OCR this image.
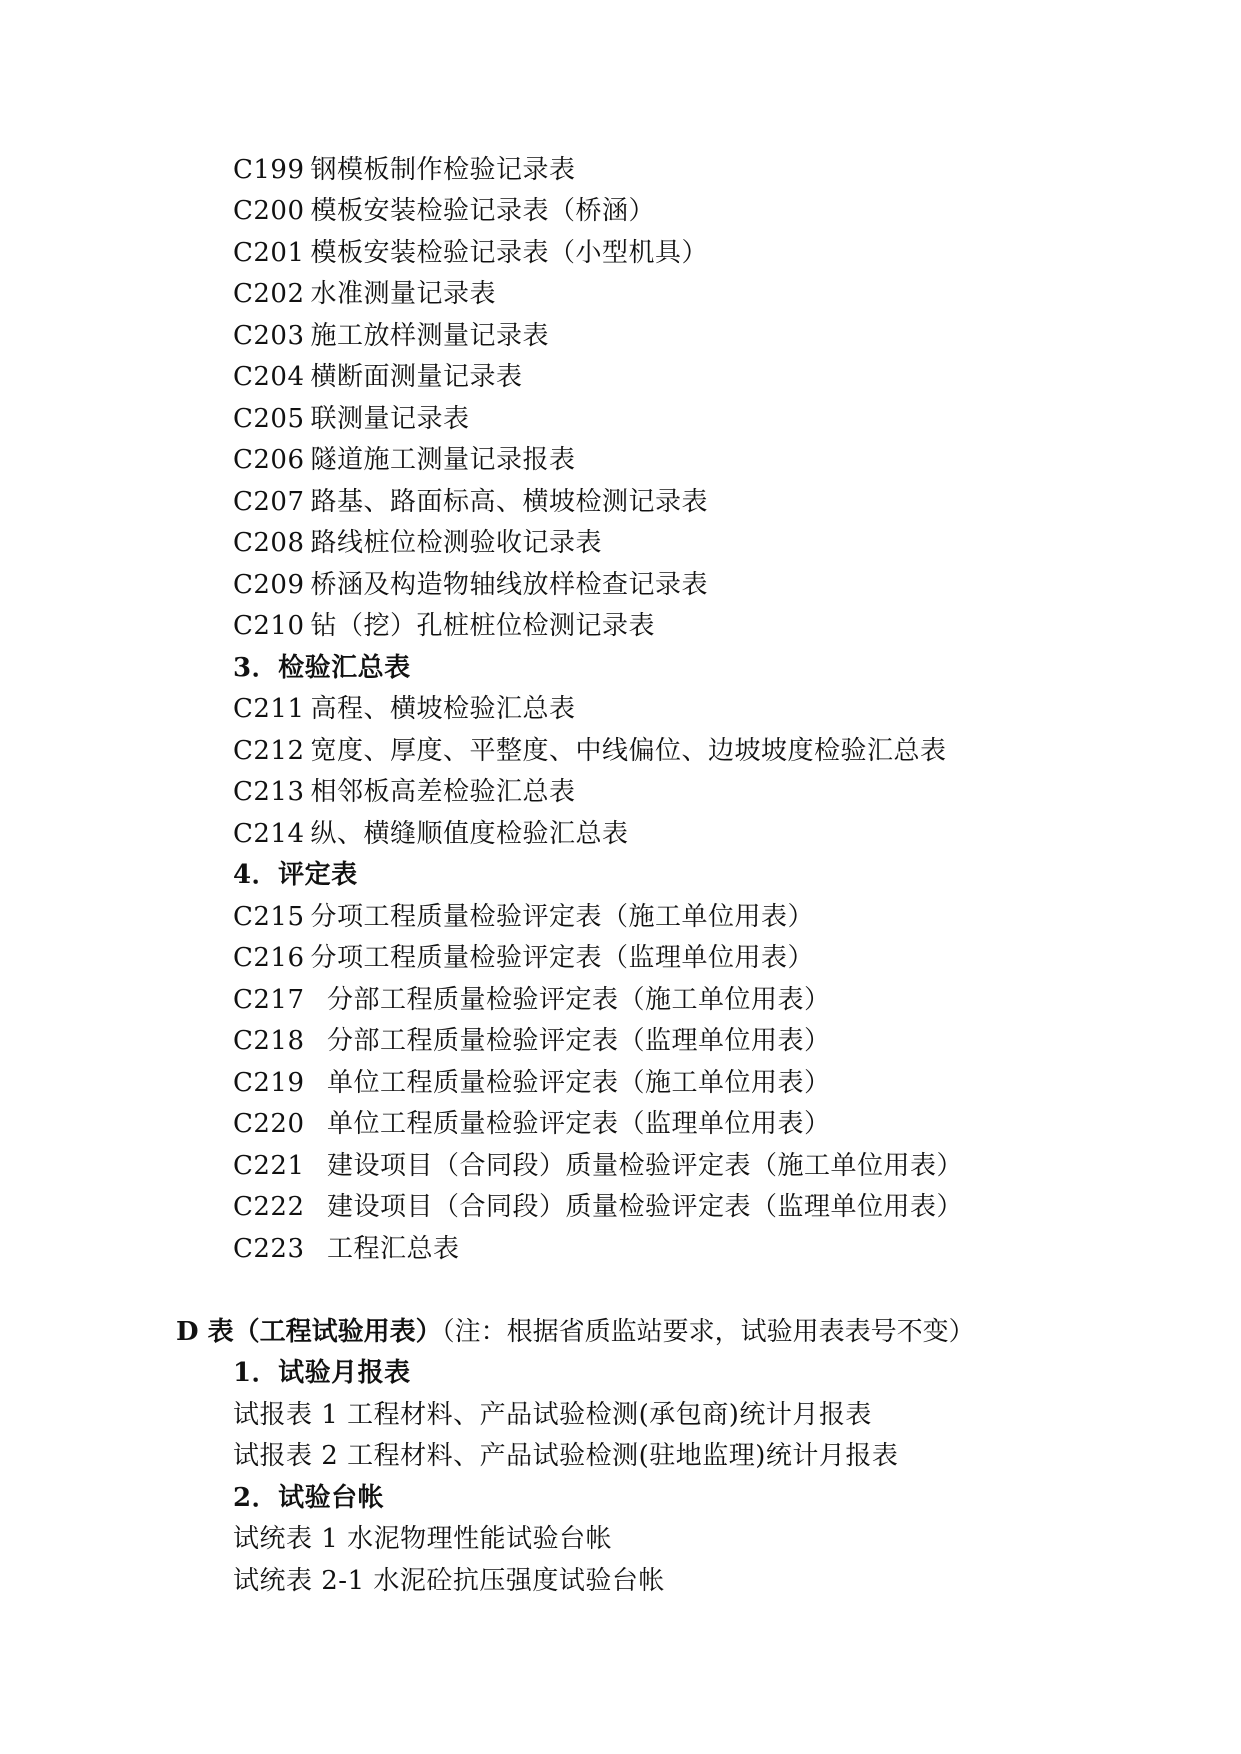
C199 钢模板制作检验记录表
C200 模板安装检验记录表（桥涵）
C201 模板安装检验记录表（小型机具）
C202 水准测量记录表
C203 施工放样测量记录表
C204 横断面测量记录表
C205 联测量记录表
C206 隧道施工测量记录报表
C207 路基、路面标高、横坡检测记录表
C208 路线桩位检测验收记录表
C209 桥涵及构造物轴线放样检查记录表
C210 钻（挖）孔桩桩位检测记录表
3．检验汇总表
C211 高程、横坡检验汇总表
C212 宽度、厚度、平整度、中线偏位、边坡坡度检验汇总表
C213 相邻板高差检验汇总表
C214 纵、横缝顺值度检验汇总表
4．评定表
C215 分项工程质量检验评定表（施工单位用表）
C216 分项工程质量检验评定表（监理单位用表）
C217 分部工程质量检验评定表（施工单位用表）
C218 分部工程质量检验评定表（监理单位用表）
C219 单位工程质量检验评定表（施工单位用表）
C220 单位工程质量检验评定表（监理单位用表）
C221 建设项目（合同段）质量检验评定表（施工单位用表）
C222 建设项目（合同段）质量检验评定表（监理单位用表）
C223 工程汇总表
D 表（工程试验用表）（注：根据省质监站要求，试验用表表号不变）
1．试验月报表
试报表 1 工程材料、产品试验检测(承包商)统计月报表
试报表 2 工程材料、产品试验检测(驻地监理)统计月报表
2．试验台帐
试统表 1 水泥物理性能试验台帐
试统表 2-1 水泥砼抗压强度试验台帐
